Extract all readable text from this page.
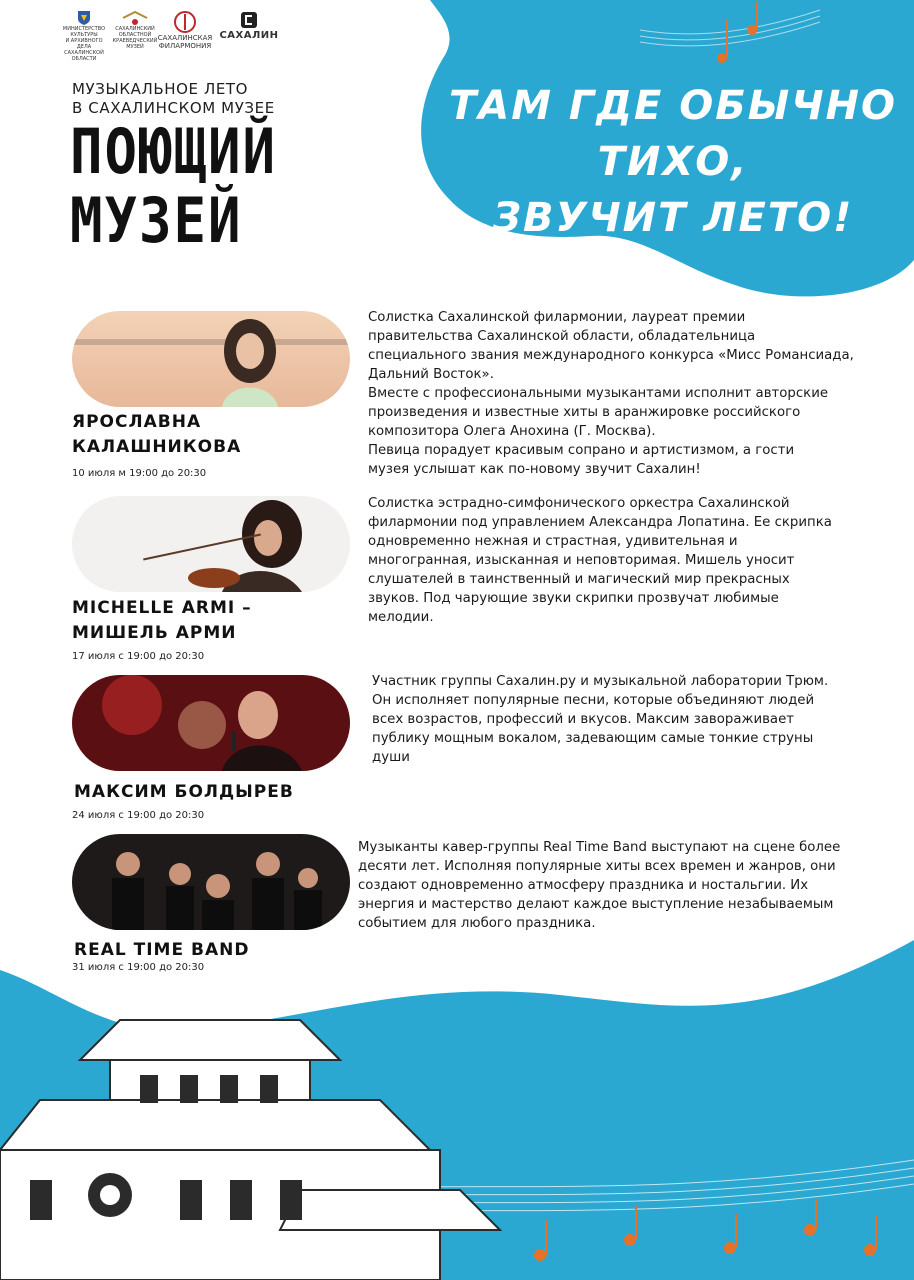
МИНИСТЕРСТВО КУЛЬТУРЫ
И АРХИВНОГО ДЕЛА
САХАЛИНСКОЙ
ОБЛАСТИ
САХАЛИНСКИЙ
ОБЛАСТНОЙ
КРАЕВЕДЧЕСКИЙ
МУЗЕЙ
САХАЛИНСКАЯ
ФИЛАРМОНИЯ
САХАЛИН
МУЗЫКАЛЬНОЕ ЛЕТО
В САХАЛИНСКОМ МУЗЕЕ
ПОЮЩИЙ
МУЗЕЙ
ТАМ ГДЕ ОБЫЧНО ТИХО,
ЗВУЧИТ ЛЕТО!
ЯРОСЛАВНА
КАЛАШНИКОВА
10 июля м 19:00 до 20:30
Солистка Сахалинской филармонии, лауреат премии
правительства Сахалинской области, обладательница
специального звания международного конкурса «Мисс Романсиада,
Дальний Восток».
Вместе с профессиональными музыкантами исполнит авторские
произведения и известные хиты в аранжировке российского
композитора Олега Анохина (Г. Москва).
Певица порадует красивым сопрано и артистизмом, а гости
музея услышат как по-новому звучит Сахалин!
MICHELLE ARMI –
МИШЕЛЬ АРМИ
17 июля с 19:00 до 20:30
Солистка эстрадно-симфонического оркестра Сахалинской
филармонии под управлением Александра Лопатина. Ее скрипка
одновременно нежная и страстная, удивительная и
многогранная, изысканная и неповторимая. Мишель уносит
слушателей в таинственный и магический мир прекрасных
звуков. Под чарующие звуки скрипки прозвучат любимые
мелодии.
МАКСИМ БОЛДЫРЕВ
24 июля с 19:00 до 20:30
Участник группы Сахалин.ру и музыкальной лаборатории Трюм.
Он исполняет популярные песни, которые объединяют людей
всех возрастов, профессий и вкусов. Максим завораживает
публику мощным вокалом, задевающим самые тонкие струны
души
REAL TIME BAND
31 июля с 19:00 до 20:30
Музыканты кавер-группы Real Time Band выступают на сцене более
десяти лет. Исполняя популярные хиты всех времен и жанров, они
создают одновременно атмосферу праздника и ностальгии. Их
энергия и мастерство делают каждое выступление незабываемым
событием для любого праздника.
